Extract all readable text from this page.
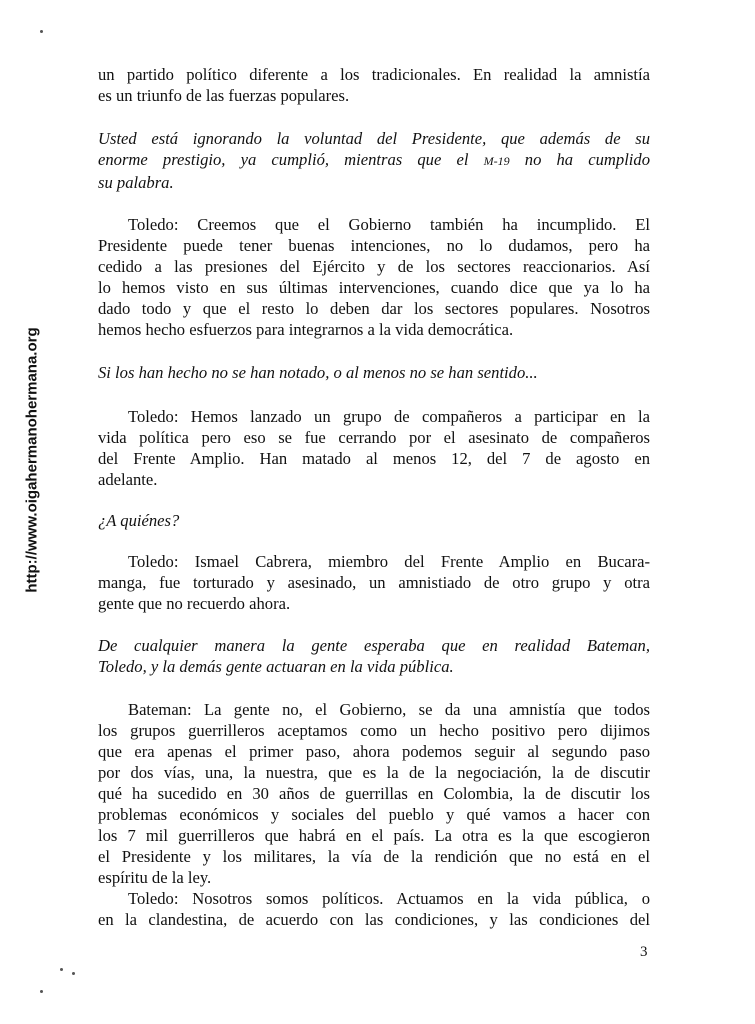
http://www.oigahermanohermana.org

un partido político diferente a los tradicionales. En realidad la amnistía
es un triunfo de las fuerzas populares.

Usted está ignorando la voluntad del Presidente, que además de su
enorme prestigio, ya cumplió, mientras que el M-19 no ha cumplido
su palabra.

Toledo: Creemos que el Gobierno también ha incumplido. El
Presidente puede tener buenas intenciones, no lo dudamos, pero ha
cedido a las presiones del Ejército y de los sectores reaccionarios. Así
lo hemos visto en sus últimas intervenciones, cuando dice que ya lo ha
dado todo y que el resto lo deben dar los sectores populares. Nosotros
hemos hecho esfuerzos para integrarnos a la vida democrática.

Si los han hecho no se han notado, o al menos no se han sentido...

Toledo: Hemos lanzado un grupo de compañeros a participar en la
vida política pero eso se fue cerrando por el asesinato de compañeros
del Frente Amplio. Han matado al menos 12, del 7 de agosto en
adelante.

¿A quiénes?

Toledo: Ismael Cabrera, miembro del Frente Amplio en Bucara-
manga, fue torturado y asesinado, un amnistiado de otro grupo y otra
gente que no recuerdo ahora.

De cualquier manera la gente esperaba que en realidad Bateman,
Toledo, y la demás gente actuaran en la vida pública.

Bateman: La gente no, el Gobierno, se da una amnistía que todos
los grupos guerrilleros aceptamos como un hecho positivo pero dijimos
que era apenas el primer paso, ahora podemos seguir al segundo paso
por dos vías, una, la nuestra, que es la de la negociación, la de discutir
qué ha sucedido en 30 años de guerrillas en Colombia, la de discutir los
problemas económicos y sociales del pueblo y qué vamos a hacer con
los 7 mil guerrilleros que habrá en el país. La otra es la que escogieron
el Presidente y los militares, la vía de la rendición que no está en el
espíritu de la ley.

Toledo: Nosotros somos políticos. Actuamos en la vida pública, o
en la clandestina, de acuerdo con las condiciones, y las condiciones del

3
